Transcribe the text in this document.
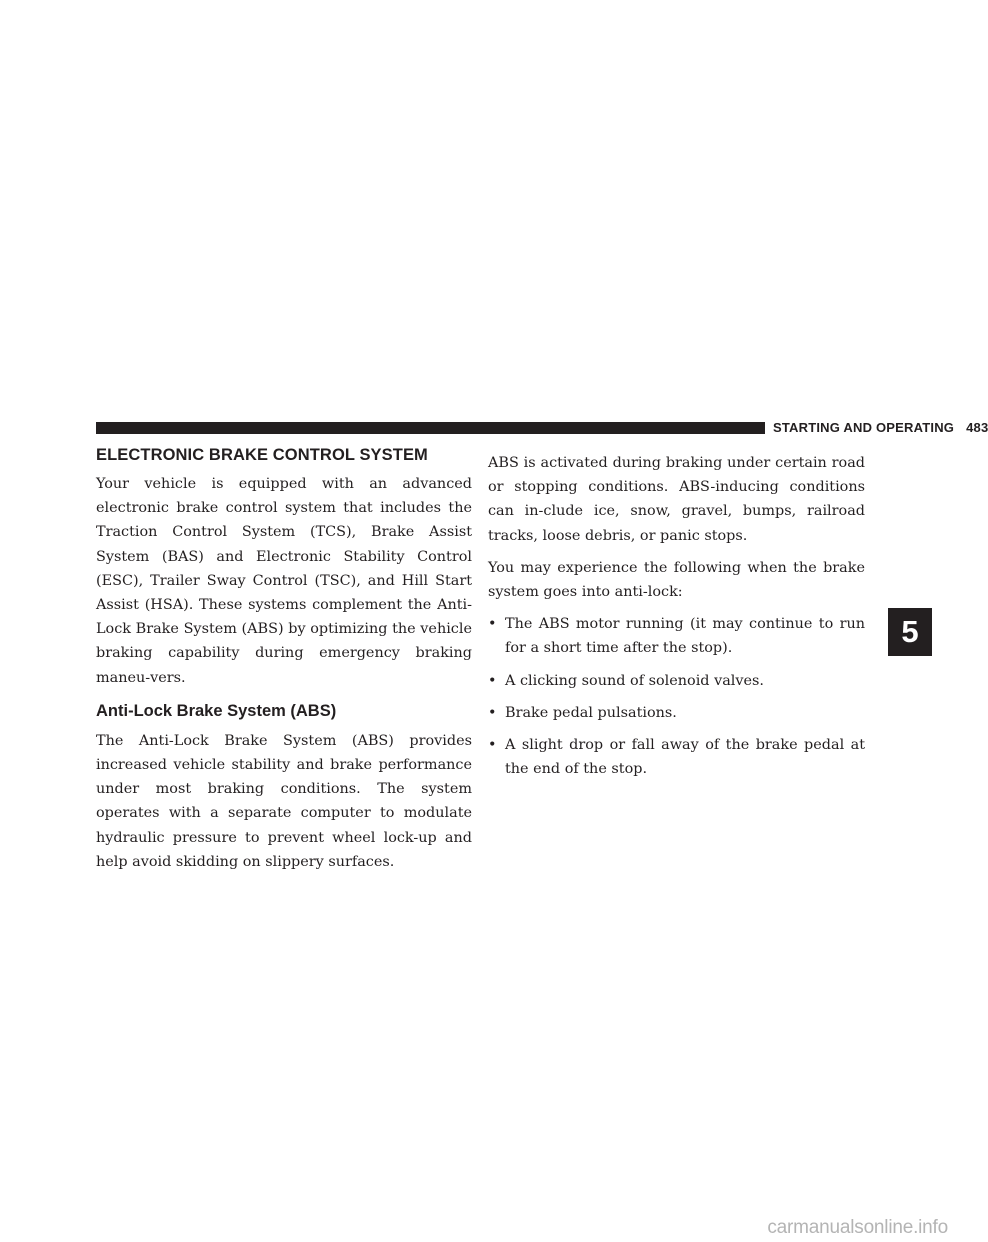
STARTING AND OPERATING 483
ELECTRONIC BRAKE CONTROL SYSTEM

Your vehicle is equipped with an advanced electronic brake control system that includes the Traction Control System (TCS), Brake Assist System (BAS) and Electronic Stability Control (ESC), Trailer Sway Control (TSC), and Hill Start Assist (HSA). These systems complement the Anti-Lock Brake System (ABS) by optimizing the vehicle braking capability during emergency braking maneu-vers.

Anti-Lock Brake System (ABS)

The Anti-Lock Brake System (ABS) provides increased vehicle stability and brake performance under most braking conditions. The system operates with a separate computer to modulate hydraulic pressure to prevent wheel lock-up and help avoid skidding on slippery surfaces.

ABS is activated during braking under certain road or stopping conditions. ABS-inducing conditions can in-clude ice, snow, gravel, bumps, railroad tracks, loose debris, or panic stops.

You may experience the following when the brake system goes into anti-lock:

• The ABS motor running (it may continue to run for a short time after the stop).
• A clicking sound of solenoid valves.
• Brake pedal pulsations.
• A slight drop or fall away of the brake pedal at the end of the stop.
5
carmanualsonline.info
